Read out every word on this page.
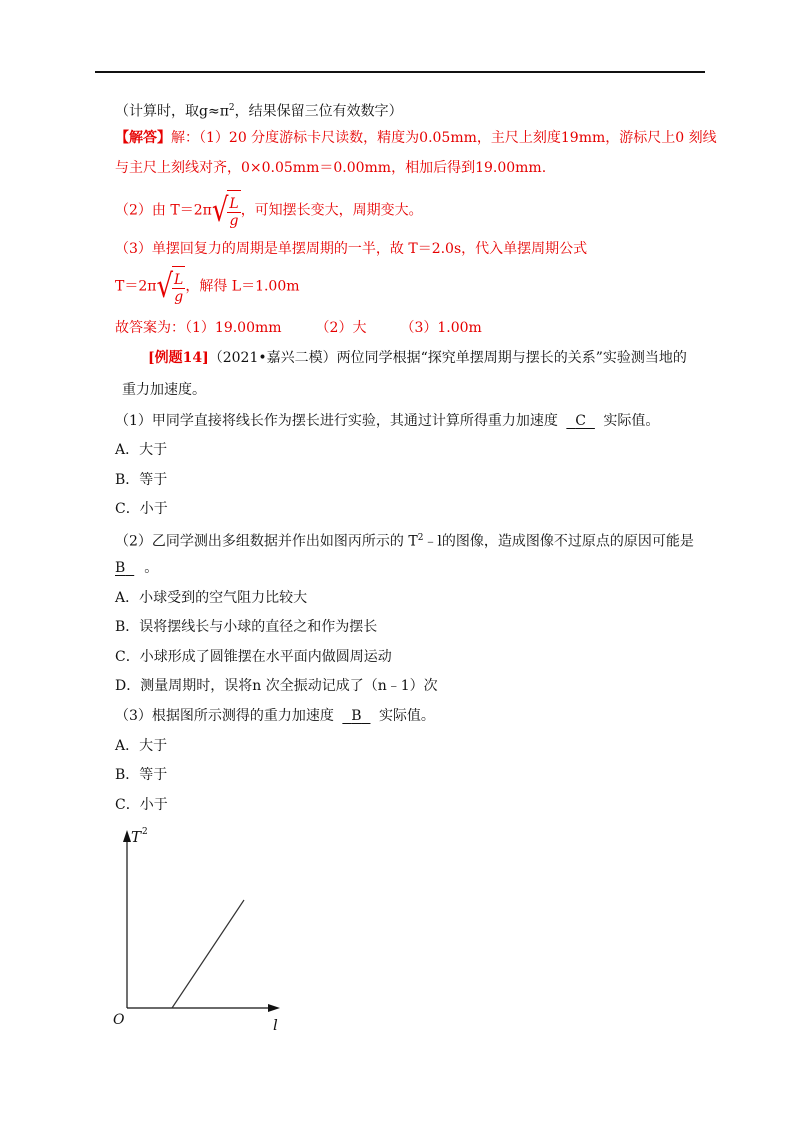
（计算时，取$g\approx\pi^2$，结果保留三位有效数字）
【解答】解：（1）20 分度游标卡尺读数，精度为0.05mm，主尺上刻度19mm，游标尺上0 刻线
与主尺上刻线对齐，0×0.05mm＝0.00mm，相加后得到19.00mm.
（2）由 T＝2π √ $\frac{L}{g}$ ，可知摆长变大，周期变大。
（3）单摆回复力的周期是单摆周期的一半，故 T＝2.0s，代入单摆周期公式
T＝2π √ $\frac{L}{g}$ ，解得 L＝1.00m
故答案为：（1）19.00mm （2）大 （3）1.00m
[例题14]（2021•嘉兴二模）两位同学根据“探究单摆周期与摆长的关系”实验测当地的
重力加速度。
（1）甲同学直接将线长作为摆长进行实验，其通过计算所得重力加速度 C 实际值。
A．大于
B．等于
C．小于
（2）乙同学测出多组数据并作出如图丙所示的 $T^2﹣l$的图像，造成图像不过原点的原因可能是
B 。
A．小球受到的空气阻力比较大
B．误将摆线长与小球的直径之和作为摆长
C．小球形成了圆锥摆在水平面内做圆周运动
D．测量周期时，误将n 次全振动记成了（n﹣1）次
（3）根据图所示测得的重力加速度 B 实际值。
A．大于
B．等于
C．小于
T 2
l
O
